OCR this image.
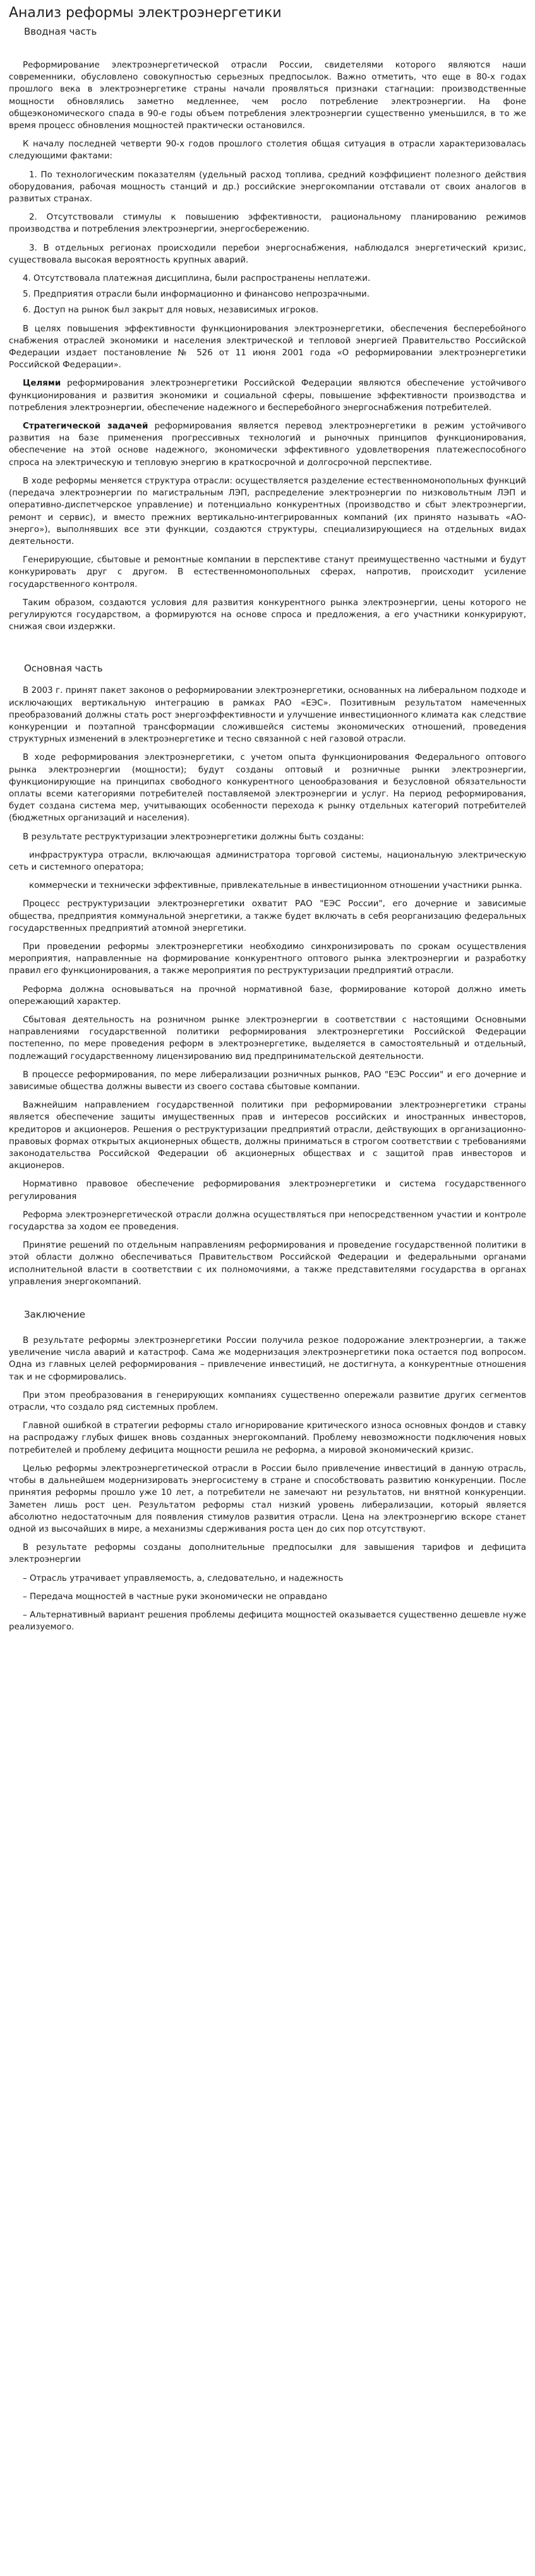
Анализ реформы электроэнергетики
Вводная часть

Реформирование электроэнергетической отрасли России, свидетелями которого являются наши современники, обусловлено совокупностью серьезных предпосылок. Важно отметить, что еще в 80-х годах прошлого века в электроэнергетике страны начали проявляться признаки стагнации: производственные мощности обновлялись заметно медленнее, чем росло потребление электроэнергии. На фоне общеэкономического спада в 90-е годы объем потребления электроэнергии существенно уменьшился, в то же время процесс обновления мощностей практически остановился.

К началу последней четверти 90-х годов прошлого столетия общая ситуация в отрасли характеризовалась следующими фактами:

1. По технологическим показателям (удельный расход топлива, средний коэффициент полезного действия оборудования, рабочая мощность станций и др.) российские энергокомпании отставали от своих аналогов в развитых странах.

2. Отсутствовали стимулы к повышению эффективности, рациональному планированию режимов производства и потребления электроэнергии, энергосбережению.

3. В отдельных регионах происходили перебои энергоснабжения, наблюдался энергетический кризис, существовала высокая вероятность крупных аварий.

4. Отсутствовала платежная дисциплина, были распространены неплатежи.

5. Предприятия отрасли были информационно и финансово непрозрачными.

6. Доступ на рынок был закрыт для новых, независимых игроков.

В целях повышения эффективности функционирования электроэнергетики, обеспечения бесперебойного снабжения отраслей экономики и населения электрической и тепловой энергией Правительство Российской Федерации издает постановление № 526 от 11 июня 2001 года «О реформировании электроэнергетики Российской Федерации».

Целями реформирования электроэнергетики Российской Федерации являются обеспечение устойчивого функционирования и развития экономики и социальной сферы, повышение эффективности производства и потребления электроэнергии, обеспечение надежного и бесперебойного энергоснабжения потребителей.

Стратегической задачей реформирования является перевод электроэнергетики в режим устойчивого развития на базе применения прогрессивных технологий и рыночных принципов функционирования, обеспечение на этой основе надежного, экономически эффективного удовлетворения платежеспособного спроса на электрическую и тепловую энергию в краткосрочной и долгосрочной перспективе.

В ходе реформы меняется структура отрасли: осуществляется разделение естественномонопольных функций (передача электроэнергии по магистральным ЛЭП, распределение электроэнергии по низковольтным ЛЭП и оперативно-диспетчерское управление) и потенциально конкурентных (производство и сбыт электроэнергии, ремонт и сервис), и вместо прежних вертикально-интегрированных компаний (их принято называть «АО-энерго»), выполнявших все эти функции, создаются структуры, специализирующиеся на отдельных видах деятельности.

Генерирующие, сбытовые и ремонтные компании в перспективе станут преимущественно частными и будут конкурировать друг с другом. В естественномонопольных сферах, напротив, происходит усиление государственного контроля.

Таким образом, создаются условия для развития конкурентного рынка электроэнергии, цены которого не регулируются государством, а формируются на основе спроса и предложения, а его участники конкурируют, снижая свои издержки.

Основная часть

В 2003 г. принят пакет законов о реформировании электроэнергетики, основанных на либеральном подходе и исключающих вертикальную интеграцию в рамках РАО «ЕЭС». Позитивным результатом намеченных преобразований должны стать рост энергоэффективности и улучшение инвестиционного климата как следствие конкуренции и поэтапной трансформации сложившейся системы экономических отношений, проведения структурных изменений в электроэнергетике и тесно связанной с ней газовой отрасли.

В ходе реформирования электроэнергетики, с учетом опыта функционирования Федерального оптового рынка электроэнергии (мощности); будут созданы оптовый и розничные рынки электроэнергии, функционирующие на принципах свободного конкурентного ценообразования и безусловной обязательности оплаты всеми категориями потребителей поставляемой электроэнергии и услуг. На период реформирования, будет создана система мер, учитывающих особенности перехода к рынку отдельных категорий потребителей (бюджетных организаций и населения).

В результате реструктуризации электроэнергетики должны быть созданы:

инфраструктура отрасли, включающая администратора торговой системы, национальную электрическую сеть и системного оператора;

коммерчески и технически эффективные, привлекательные в инвестиционном отношении участники рынка.

Процесс реструктуризации электроэнергетики охватит РАО "ЕЭС России", его дочерние и зависимые общества, предприятия коммунальной энергетики, а также будет включать в себя реорганизацию федеральных государственных предприятий атомной энергетики.

При проведении реформы электроэнергетики необходимо синхронизировать по срокам осуществления мероприятия, направленные на формирование конкурентного оптового рынка электроэнергии и разработку правил его функционирования, а также мероприятия по реструктуризации предприятий отрасли.

Реформа должна основываться на прочной нормативной базе, формирование которой должно иметь опережающий характер.

Сбытовая деятельность на розничном рынке электроэнергии в соответствии с настоящими Основными направлениями государственной политики реформирования электроэнергетики Российской Федерации постепенно, по мере проведения реформ в электроэнергетике, выделяется в самостоятельный и отдельный, подлежащий государственному лицензированию вид предпринимательской деятельности.

В процессе реформирования, по мере либерализации розничных рынков, РАО "ЕЭС России" и его дочерние и зависимые общества должны вывести из своего состава сбытовые компании.

Важнейшим направлением государственной политики при реформировании электроэнергетики страны является обеспечение защиты имущественных прав и интересов российских и иностранных инвесторов, кредиторов и акционеров. Решения о реструктуризации предприятий отрасли, действующих в организационно-правовых формах открытых акционерных обществ, должны приниматься в строгом соответствии с требованиями законодательства Российской Федерации об акционерных обществах и с защитой прав инвесторов и акционеров.

Нормативно правовое обеспечение реформирования электроэнергетики и система государственного регулирования

Реформа электроэнергетической отрасли должна осуществляться при непосредственном участии и контроле государства за ходом ее проведения.

Принятие решений по отдельным направлениям реформирования и проведение государственной политики в этой области должно обеспечиваться Правительством Российской Федерации и федеральными органами исполнительной власти в соответствии с их полномочиями, а также представителями государства в органах управления энергокомпаний.

Заключение

В результате реформы электроэнергетики России получила резкое подорожание электроэнергии, а также увеличение числа аварий и катастроф. Сама же модернизация электроэнергетики пока остается под вопросом. Одна из главных целей реформирования – привлечение инвестиций, не достигнута, а конкурентные отношения так и не сформировались.

При этом преобразования в генерирующих компаниях существенно опережали развитие других сегментов отрасли, что создало ряд системных проблем.

Главной ошибкой в стратегии реформы стало игнорирование критического износа основных фондов и ставку на распродажу глубых фишек вновь созданных энергокомпаний. Проблему невозможности подключения новых потребителей и проблему дефицита мощности решила не реформа, а мировой экономический кризис.

Целью реформы электроэнергетической отрасли в России было привлечение инвестиций в данную отрасль, чтобы в дальнейшем модернизировать энергосистему в стране и способствовать развитию конкуренции. После принятия реформы прошло уже 10 лет, а потребители не замечают ни результатов, ни внятной конкуренции. Заметен лишь рост цен. Результатом реформы стал низкий уровень либерализации, который является абсолютно недостаточным для появления стимулов развития отрасли. Цена на электроэнергию вскоре станет одной из высочайших в мире, а механизмы сдерживания роста цен до сих пор отсутствуют.

В результате реформы созданы дополнительные предпосылки для завышения тарифов и дефицита электроэнергии

– Отрасль утрачивает управляемость, а, следовательно, и надежность

– Передача мощностей в частные руки экономически не оправдано

– Альтернативный вариант решения проблемы дефицита мощностей оказывается существенно дешевле нуже реализуемого.
